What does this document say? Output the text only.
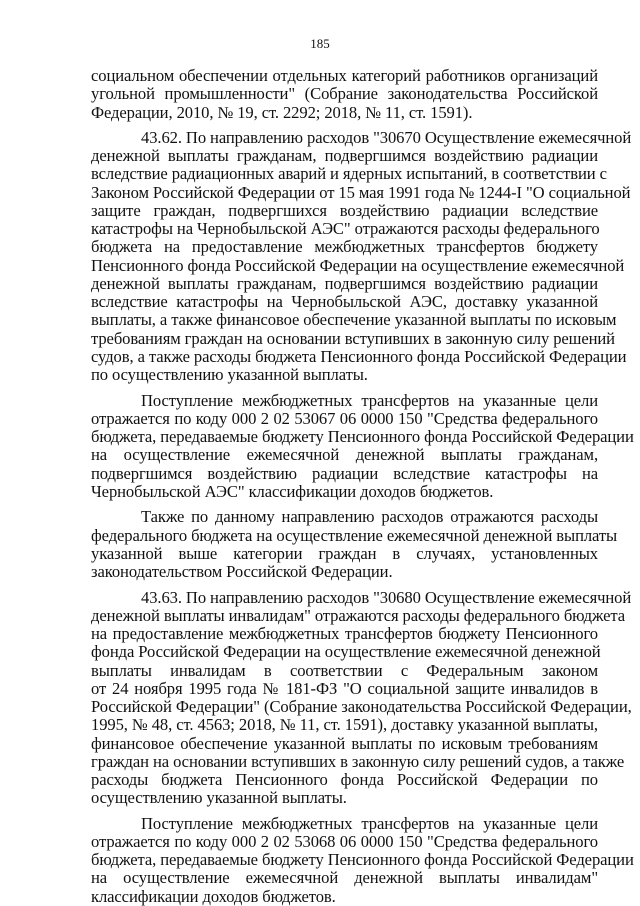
185
социальном обеспечении отдельных категорий работников организаций
угольной промышленности" (Собрание законодательства Российской
Федерации, 2010, № 19, ст. 2292; 2018, № 11, ст. 1591).
43.62. По направлению расходов "30670 Осуществление ежемесячной
денежной выплаты гражданам, подвергшимся воздействию радиации
вследствие радиационных аварий и ядерных испытаний, в соответствии с
Законом Российской Федерации от 15 мая 1991 года № 1244-I "О социальной
защите граждан, подвергшихся воздействию радиации вследствие
катастрофы на Чернобыльской АЭС" отражаются расходы федерального
бюджета на предоставление межбюджетных трансфертов бюджету
Пенсионного фонда Российской Федерации на осуществление ежемесячной
денежной выплаты гражданам, подвергшимся воздействию радиации
вследствие катастрофы на Чернобыльской АЭС, доставку указанной
выплаты, а также финансовое обеспечение указанной выплаты по исковым
требованиям граждан на основании вступивших в законную силу решений
судов, а также расходы бюджета Пенсионного фонда Российской Федерации
по осуществлению указанной выплаты.
Поступление межбюджетных трансфертов на указанные цели
отражается по коду 000 2 02 53067 06 0000 150 "Средства федерального
бюджета, передаваемые бюджету Пенсионного фонда Российской Федерации
на осуществление ежемесячной денежной выплаты гражданам,
подвергшимся воздействию радиации вследствие катастрофы на
Чернобыльской АЭС" классификации доходов бюджетов.
Также по данному направлению расходов отражаются расходы
федерального бюджета на осуществление ежемесячной денежной выплаты
указанной выше категории граждан в случаях, установленных
законодательством Российской Федерации.
43.63. По направлению расходов "30680 Осуществление ежемесячной
денежной выплаты инвалидам" отражаются расходы федерального бюджета
на предоставление межбюджетных трансфертов бюджету Пенсионного
фонда Российской Федерации на осуществление ежемесячной денежной
выплаты инвалидам в соответствии с Федеральным законом
от 24 ноября 1995 года № 181-ФЗ "О социальной защите инвалидов в
Российской Федерации" (Собрание законодательства Российской Федерации,
1995, № 48, ст. 4563; 2018, № 11, ст. 1591), доставку указанной выплаты,
финансовое обеспечение указанной выплаты по исковым требованиям
граждан на основании вступивших в законную силу решений судов, а также
расходы бюджета Пенсионного фонда Российской Федерации по
осуществлению указанной выплаты.
Поступление межбюджетных трансфертов на указанные цели
отражается по коду 000 2 02 53068 06 0000 150 "Средства федерального
бюджета, передаваемые бюджету Пенсионного фонда Российской Федерации
на осуществление ежемесячной денежной выплаты инвалидам"
классификации доходов бюджетов.
